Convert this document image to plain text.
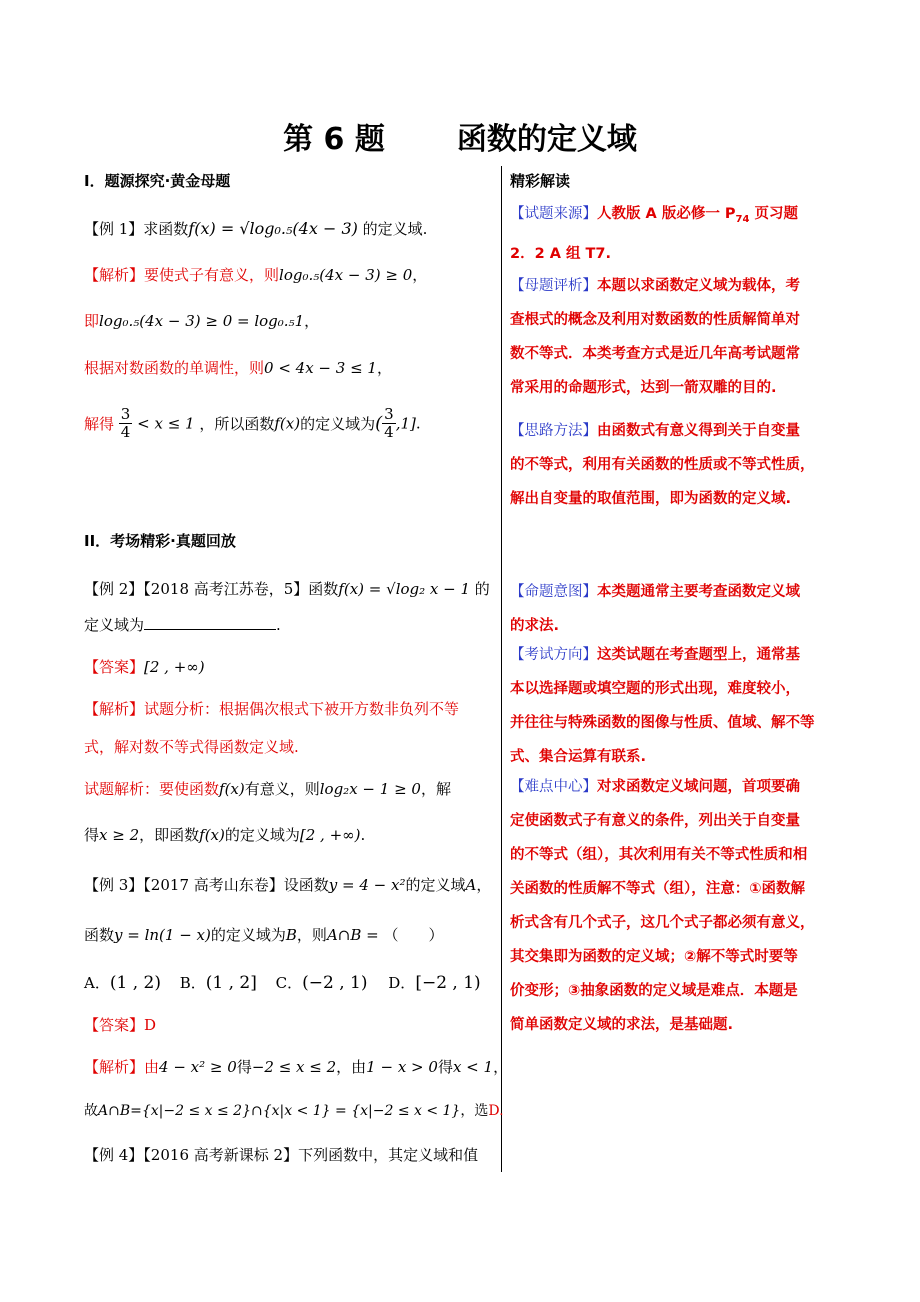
第 6 题 函数的定义域
I．题源探究·黄金母题
【例 1】求函数f(x) = √log₀.₅(4x − 3) 的定义域.
【解析】要使式子有意义，则log₀.₅(4x − 3) ≥ 0，
即log₀.₅(4x − 3) ≥ 0 = log₀.₅1，
根据对数函数的单调性，则0 < 4x − 3 ≤ 1，
解得 $\frac{3}{4} < x \le 1$ ，所以函数f(x)的定义域为( $\frac{3}{4} ,1$].
II．考场精彩·真题回放
【例 2】【2018 高考江苏卷，5】函数f(x) = √log₂ x − 1 的
定义域为	.
【答案】[2 , +∞)
【解析】试题分析：根据偶次根式下被开方数非负列不等
式，解对数不等式得函数定义域.
试题解析：要使函数f(x)有意义，则log₂x − 1 ≥ 0，解
得x ≥ 2，即函数f(x)的定义域为[2 , +∞).
【例 3】【2017 高考山东卷】设函数y = 4 − x²的定义域A，
函数y = ln(1 − x)的定义域为B，则A∩B = （　　）
A．(1 , 2) B．(1 , 2] C．(−2 , 1) D．[−2 , 1)
【答案】D
【解析】由4 − x² ≥ 0得−2 ≤ x ≤ 2，由1 − x > 0得x < 1，
故A∩B={x|−2 ≤ x ≤ 2}∩{x|x < 1} = {x|−2 ≤ x < 1}，选D.
【例 4】【2016 高考新课标 2】下列函数中，其定义域和值
精彩解读
【试题来源】人教版 A 版必修一 $P_{74}$ 页习题
2．2 A 组 T7.
【母题评析】本题以求函数定义域为载体，考
查根式的概念及利用对数函数的性质解简单对
数不等式．本类考查方式是近几年高考试题常
常采用的命题形式，达到一箭双雕的目的.
【思路方法】由函数式有意义得到关于自变量
的不等式，利用有关函数的性质或不等式性质，
解出自变量的取值范围，即为函数的定义域.
【命题意图】本类题通常主要考查函数定义域
的求法.
【考试方向】这类试题在考查题型上，通常基
本以选择题或填空题的形式出现，难度较小，
并往往与特殊函数的图像与性质、值域、解不等
式、集合运算有联系.
【难点中心】对求函数定义域问题，首项要确
定使函数式子有意义的条件，列出关于自变量
的不等式（组），其次利用有关不等式性质和相
关函数的性质解不等式（组），注意：①函数解
析式含有几个式子，这几个式子都必须有意义，
其交集即为函数的定义域；②解不等式时要等
价变形；③抽象函数的定义域是难点．本题是
简单函数定义域的求法，是基础题.
